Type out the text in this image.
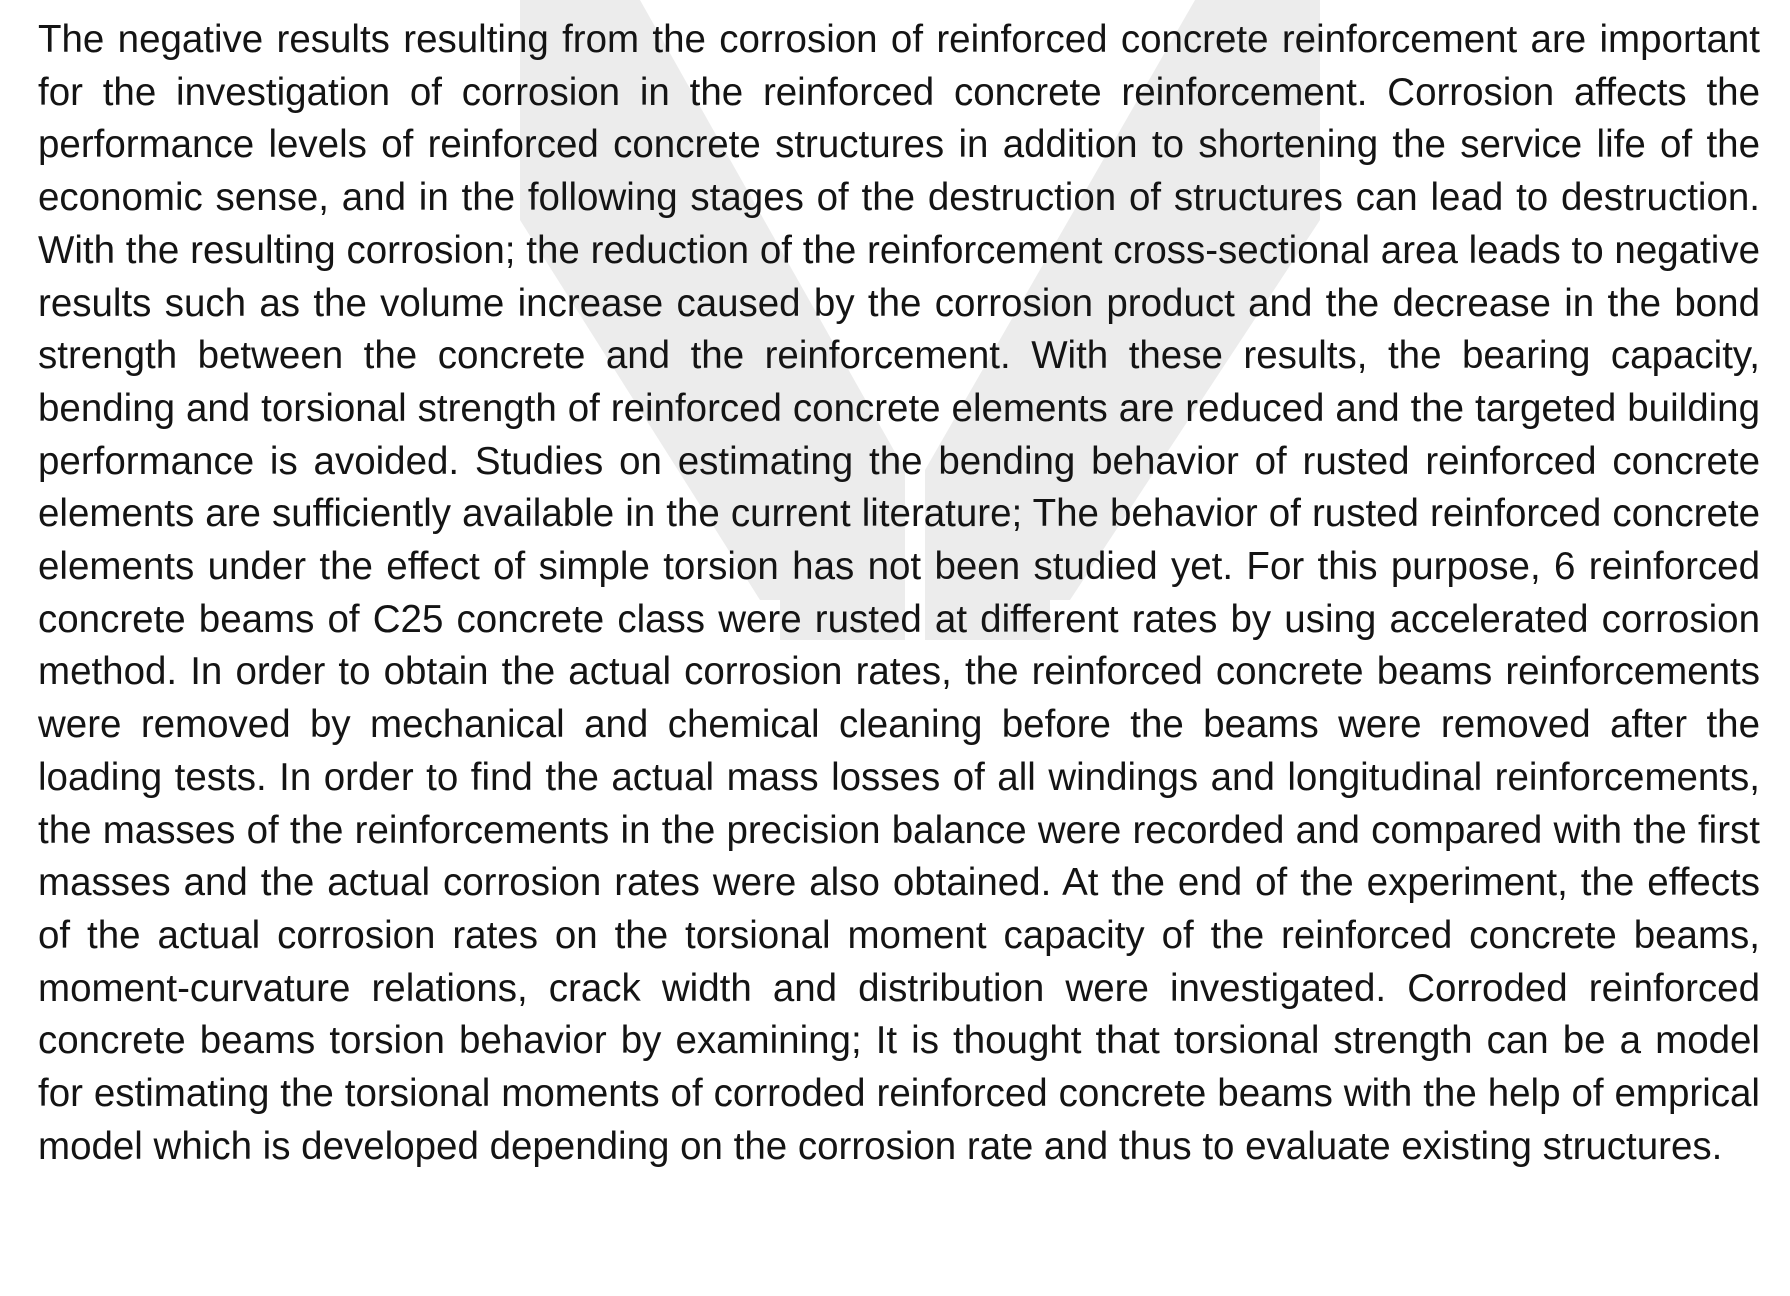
The negative results resulting from the corrosion of reinforced concrete reinforcement are important for the investigation of corrosion in the reinforced concrete reinforcement. Corrosion affects the performance levels of reinforced concrete structures in addition to shortening the service life of the economic sense, and in the following stages of the destruction of structures can lead to destruction. With the resulting corrosion; the reduction of the reinforcement cross-sectional area leads to negative results such as the volume increase caused by the corrosion product and the decrease in the bond strength between the concrete and the reinforcement. With these results, the bearing capacity, bending and torsional strength of reinforced concrete elements are reduced and the targeted building performance is avoided. Studies on estimating the bending behavior of rusted reinforced concrete elements are sufficiently available in the current literature; The behavior of rusted reinforced concrete elements under the effect of simple torsion has not been studied yet. For this purpose, 6 reinforced concrete beams of C25 concrete class were rusted at different rates by using accelerated corrosion method. In order to obtain the actual corrosion rates, the reinforced concrete beams reinforcements were removed by mechanical and chemical cleaning before the beams were removed after the loading tests. In order to find the actual mass losses of all windings and longitudinal reinforcements, the masses of the reinforcements in the precision balance were recorded and compared with the first masses and the actual corrosion rates were also obtained. At the end of the experiment, the effects of the actual corrosion rates on the torsional moment capacity of the reinforced concrete beams, moment-curvature relations, crack width and distribution were investigated. Corroded reinforced concrete beams torsion behavior by examining; It is thought that torsional strength can be a model for estimating the torsional moments of corroded reinforced concrete beams with the help of emprical model which is developed depending on the corrosion rate and thus to evaluate existing structures.
